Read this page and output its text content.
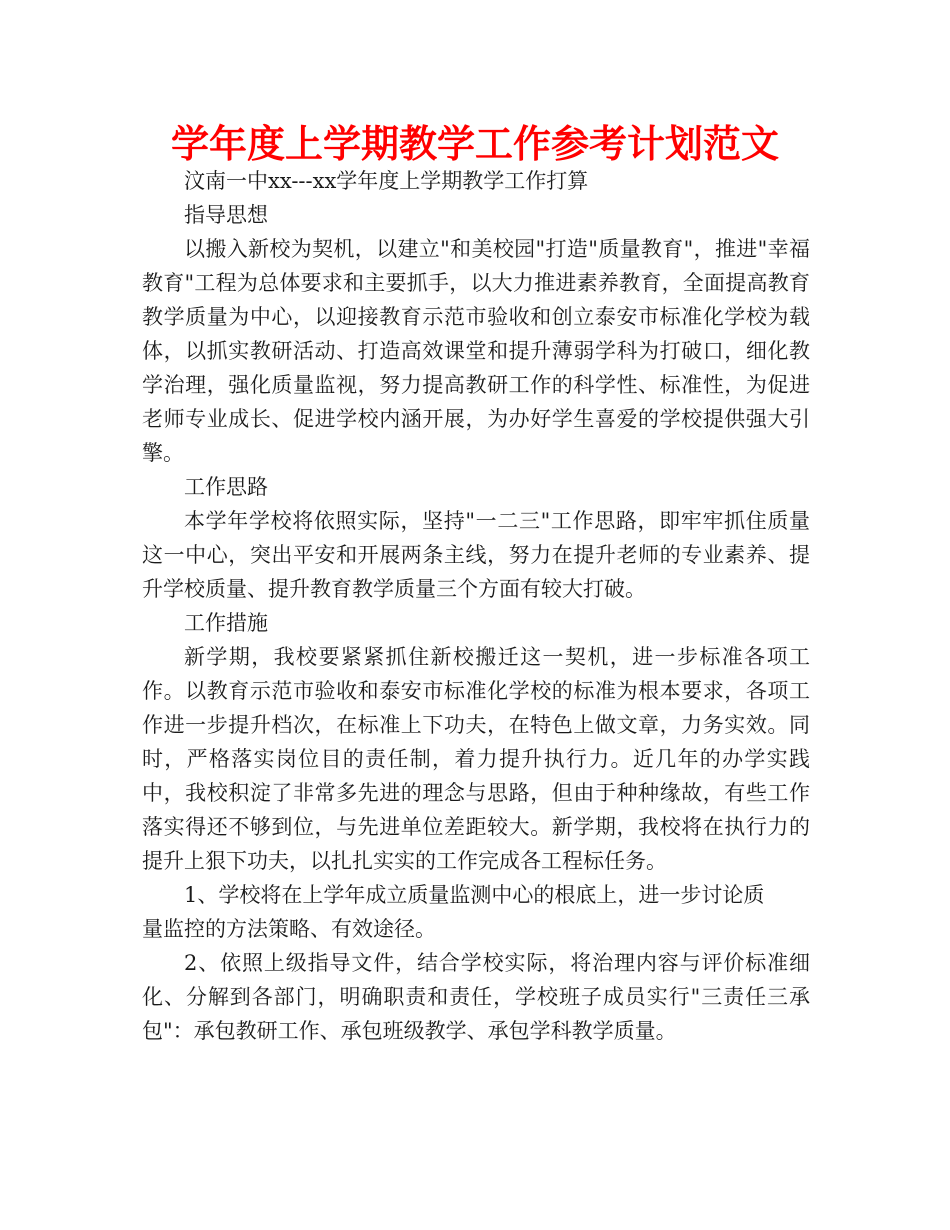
学年度上学期教学工作参考计划范文

汶南一中xx---xx学年度上学期教学工作打算

指导思想

以搬入新校为契机，以建立"和美校园"打造"质量教育"，推进"幸福教育"工程为总体要求和主要抓手，以大力推进素养教育，全面提高教育教学质量为中心，以迎接教育示范市验收和创立泰安市标准化学校为载体，以抓实教研活动、打造高效课堂和提升薄弱学科为打破口，细化教学治理，强化质量监视，努力提高教研工作的科学性、标准性，为促进老师专业成长、促进学校内涵开展，为办好学生喜爱的学校提供强大引擎。

工作思路

本学年学校将依照实际，坚持"一二三"工作思路，即牢牢抓住质量这一中心，突出平安和开展两条主线，努力在提升老师的专业素养、提升学校质量、提升教育教学质量三个方面有较大打破。

工作措施

新学期，我校要紧紧抓住新校搬迁这一契机，进一步标准各项工作。以教育示范市验收和泰安市标准化学校的标准为根本要求，各项工作进一步提升档次，在标准上下功夫，在特色上做文章，力务实效。同时，严格落实岗位目的责任制，着力提升执行力。近几年的办学实践中，我校积淀了非常多先进的理念与思路，但由于种种缘故，有些工作落实得还不够到位，与先进单位差距较大。新学期，我校将在执行力的提升上狠下功夫，以扎扎实实的工作完成各工程标任务。

1、学校将在上学年成立质量监测中心的根底上，进一步讨论质

量监控的方法策略、有效途径。

2、依照上级指导文件，结合学校实际，将治理内容与评价标准细化、分解到各部门，明确职责和责任，学校班子成员实行"三责任三承包"：承包教研工作、承包班级教学、承包学科教学质量。
